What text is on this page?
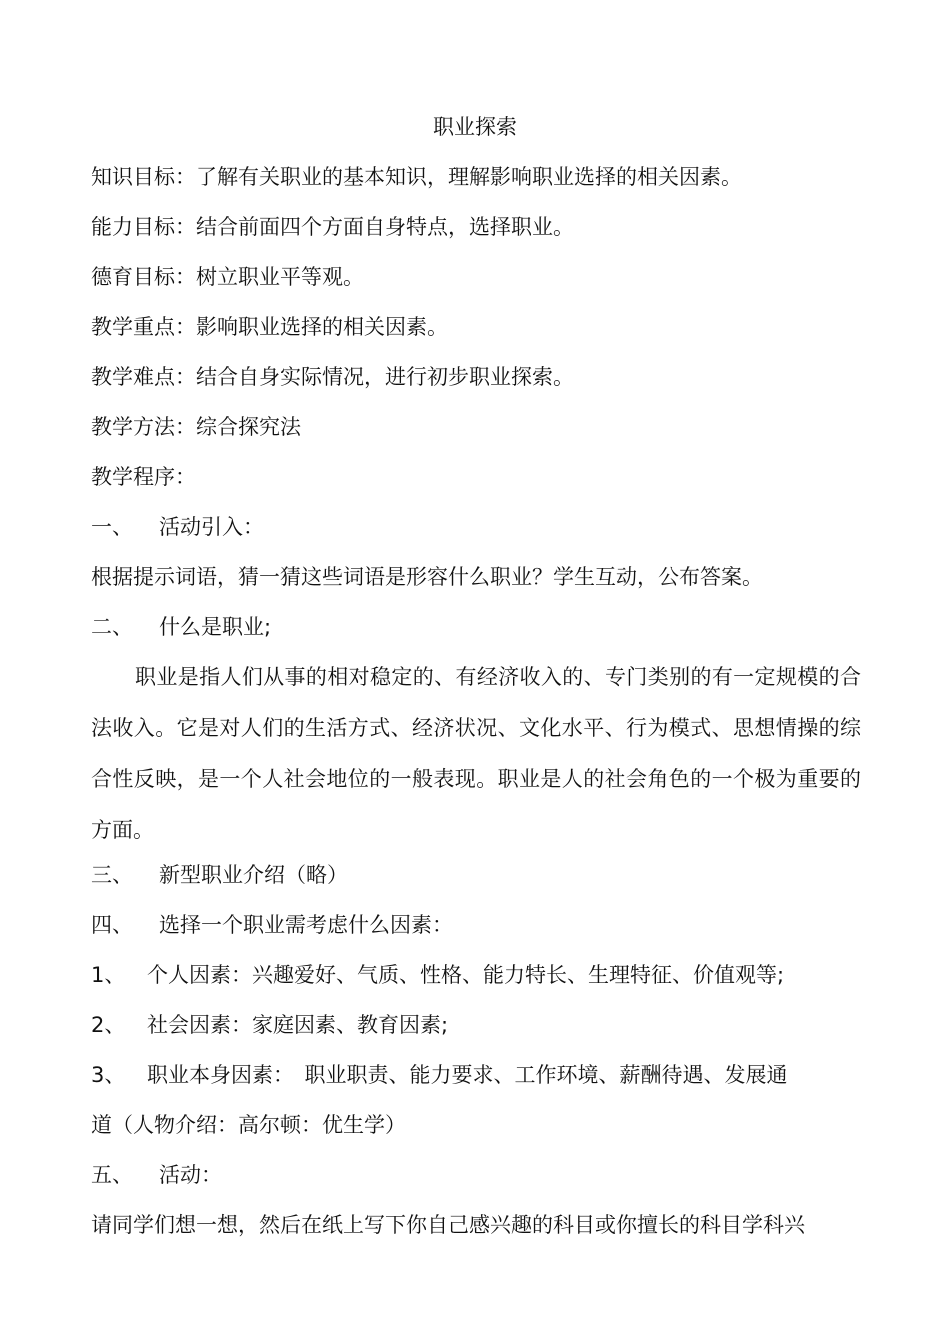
职业探索
知识目标：了解有关职业的基本知识，理解影响职业选择的相关因素。
能力目标：结合前面四个方面自身特点，选择职业。
德育目标：树立职业平等观。
教学重点：影响职业选择的相关因素。
教学难点：结合自身实际情况，进行初步职业探索。
教学方法：综合探究法
教学程序：
一、 活动引入：
根据提示词语，猜一猜这些词语是形容什么职业？学生互动，公布答案。
二、 什么是职业;
职业是指人们从事的相对稳定的、有经济收入的、专门类别的有一定规模的合法收入。它是对人们的生活方式、经济状况、文化水平、行为模式、思想情操的综合性反映，是一个人社会地位的一般表现。职业是人的社会角色的一个极为重要的方面。
三、 新型职业介绍（略）
四、 选择一个职业需考虑什么因素：
1、 个人因素：兴趣爱好、气质、性格、能力特长、生理特征、价值观等;
2、 社会因素：家庭因素、教育因素;
3、 职业本身因素：　职业职责、能力要求、工作环境、薪酬待遇、发展通
道（人物介绍：高尔顿：优生学）
五、 活动：
请同学们想一想，然后在纸上写下你自己感兴趣的科目或你擅长的科目学科兴
